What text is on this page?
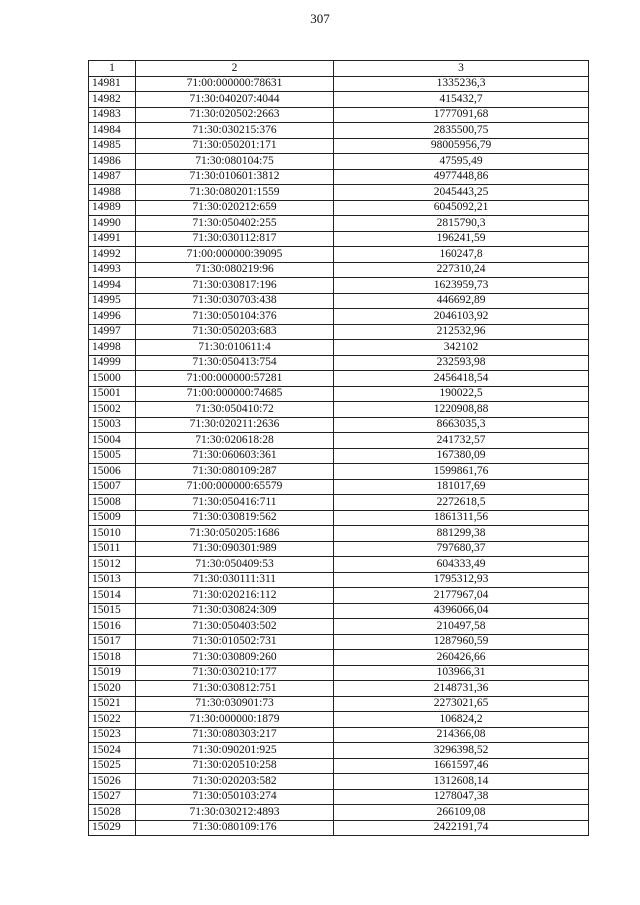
307
1	2	3
14981	71:00:000000:78631	1335236,3
14982	71:30:040207:4044	415432,7
14983	71:30:020502:2663	1777091,68
14984	71:30:030215:376	2835500,75
14985	71:30:050201:171	98005956,79
14986	71:30:080104:75	47595,49
14987	71:30:010601:3812	4977448,86
14988	71:30:080201:1559	2045443,25
14989	71:30:020212:659	6045092,21
14990	71:30:050402:255	2815790,3
14991	71:30:030112:817	196241,59
14992	71:00:000000:39095	160247,8
14993	71:30:080219:96	227310,24
14994	71:30:030817:196	1623959,73
14995	71:30:030703:438	446692,89
14996	71:30:050104:376	2046103,92
14997	71:30:050203:683	212532,96
14998	71:30:010611:4	342102
14999	71:30:050413:754	232593,98
15000	71:00:000000:57281	2456418,54
15001	71:00:000000:74685	190022,5
15002	71:30:050410:72	1220908,88
15003	71:30:020211:2636	8663035,3
15004	71:30:020618:28	241732,57
15005	71:30:060603:361	167380,09
15006	71:30:080109:287	1599861,76
15007	71:00:000000:65579	181017,69
15008	71:30:050416:711	2272618,5
15009	71:30:030819:562	1861311,56
15010	71:30:050205:1686	881299,38
15011	71:30:090301:989	797680,37
15012	71:30:050409:53	604333,49
15013	71:30:030111:311	1795312,93
15014	71:30:020216:112	2177967,04
15015	71:30:030824:309	4396066,04
15016	71:30:050403:502	210497,58
15017	71:30:010502:731	1287960,59
15018	71:30:030809:260	260426,66
15019	71:30:030210:177	103966,31
15020	71:30:030812:751	2148731,36
15021	71:30:030901:73	2273021,65
15022	71:30:000000:1879	106824,2
15023	71:30:080303:217	214366,08
15024	71:30:090201:925	3296398,52
15025	71:30:020510:258	1661597,46
15026	71:30:020203:582	1312608,14
15027	71:30:050103:274	1278047,38
15028	71:30:030212:4893	266109,08
15029	71:30:080109:176	2422191,74
